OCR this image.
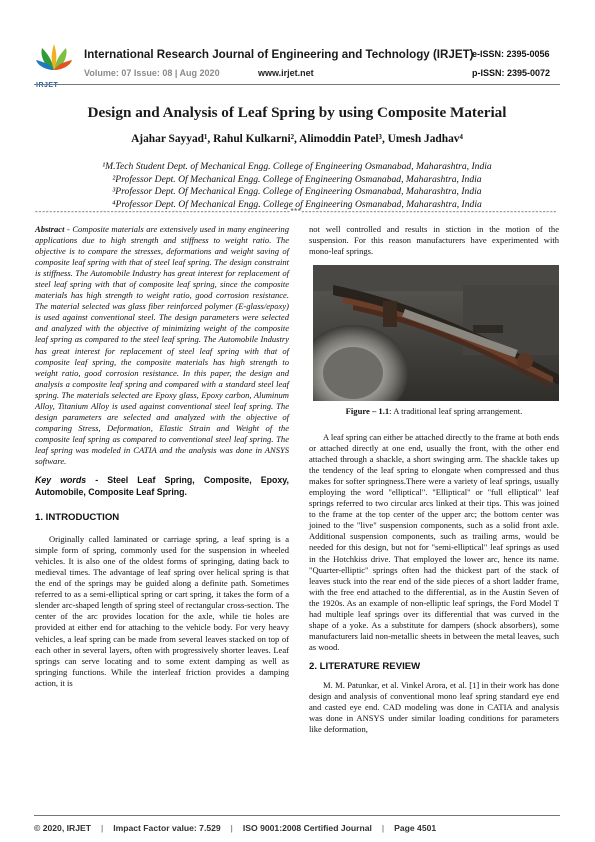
IRJET
International Research Journal of Engineering and Technology (IRJET)
e-ISSN: 2395-0056
Volume: 07 Issue: 08 | Aug 2020	www.irjet.net	p-ISSN: 2395-0072
Design and Analysis of Leaf Spring by using Composite Material
Ajahar Sayyad¹, Rahul Kulkarni², Alimoddin Patel³, Umesh Jadhav⁴
¹M.Tech Student Dept. of Mechanical Engg. College of Engineering Osmanabad, Maharashtra, India
²Professor Dept. Of Mechanical Engg. College of Engineering Osmanabad, Maharashtra, India
³Professor Dept. Of Mechanical Engg. College of Engineering Osmanabad, Maharashtra, India
⁴Professor Dept. Of Mechanical Engg. College of Engineering Osmanabad, Maharashtra, India
-----------------------------------------------------------------------***-----------------------------------------------------------------------

Abstract - Composite materials are extensively used in many engineering applications due to high strength and stiffness to weight ratio. The objective is to compare the stresses, deformations and weight saving of composite leaf spring with that of steel leaf spring. The design constraint is stiffness. The Automobile Industry has great interest for replacement of steel leaf spring with that of composite leaf spring, since the composite materials has high strength to weight ratio, good corrosion resistance. The material selected was glass fiber reinforced polymer (E-glass/epoxy) is used against conventional steel. The design parameters were selected and analyzed with the objective of minimizing weight of the composite leaf spring as compared to the steel leaf spring. The Automobile Industry has great interest for replacement of steel leaf spring with that of composite leaf spring, the composite materials has high strength to weight ratio, good corrosion resistance. In this paper, the design and analysis a composite leaf spring and compared with a standard steel leaf spring. The materials selected are Epoxy glass, Epoxy carbon, Aluminum Alloy, Titanium Alloy is used against conventional steel leaf spring. The design parameters are selected and analyzed with the objective of comparing Stress, Deformation, Elastic Strain and Weight of the composite leaf spring as compared to conventional steel leaf spring. The leaf spring was modeled in CATIA and the analysis was done in ANSYS software.

Key words - Steel Leaf Spring, Composite, Epoxy, Automobile, Composite Leaf Spring.

1. INTRODUCTION

Originally called laminated or carriage spring, a leaf spring is a simple form of spring, commonly used for the suspension in wheeled vehicles. It is also one of the oldest forms of springing, dating back to medieval times. The advantage of leaf spring over helical spring is that the end of the springs may be guided along a definite path. Sometimes referred to as a semi-elliptical spring or cart spring, it takes the form of a slender arc-shaped length of spring steel of rectangular cross-section. The center of the arc provides location for the axle, while tie holes are provided at either end for attaching to the vehicle body. For very heavy vehicles, a leaf spring can be made from several leaves stacked on top of each other in several layers, often with progressively shorter leaves. Leaf springs can serve locating and to some extent damping as well as springing functions. While the interleaf friction provides a damping action, it is

not well controlled and results in stiction in the motion of the suspension. For this reason manufacturers have experimented with mono-leaf springs.

Figure – 1.1: A traditional leaf spring arrangement.

A leaf spring can either be attached directly to the frame at both ends or attached directly at one end, usually the front, with the other end attached through a shackle, a short swinging arm. The shackle takes up the tendency of the leaf spring to elongate when compressed and thus makes for softer springness.There were a variety of leaf springs, usually employing the word "elliptical". "Elliptical" or "full elliptical" leaf springs referred to two circular arcs linked at their tips. This was joined to the frame at the top center of the upper arc; the bottom center was joined to the "live" suspension components, such as a solid front axle. Additional suspension components, such as trailing arms, would be needed for this design, but not for "semi-elliptical" leaf springs as used in the Hotchkiss drive. That employed the lower arc, hence its name. "Quarter-elliptic" springs often had the thickest part of the stack of leaves stuck into the rear end of the side pieces of a short ladder frame, with the free end attached to the differential, as in the Austin Seven of the 1920s. As an example of non-elliptic leaf springs, the Ford Model T had multiple leaf springs over its differential that was curved in the shape of a yoke. As a substitute for dampers (shock absorbers), some manufacturers laid non-metallic sheets in between the metal leaves, such as wood.

2. LITERATURE REVIEW

M. M. Patunkar, et al. Vinkel Arora, et al. [1] in their work has done design and analysis of conventional mono leaf spring standard eye end and casted eye end. CAD modeling was done in CATIA and analysis was done in ANSYS under similar loading conditions for parameters like deformation,

© 2020, IRJET | Impact Factor value: 7.529 | ISO 9001:2008 Certified Journal | Page 4501
